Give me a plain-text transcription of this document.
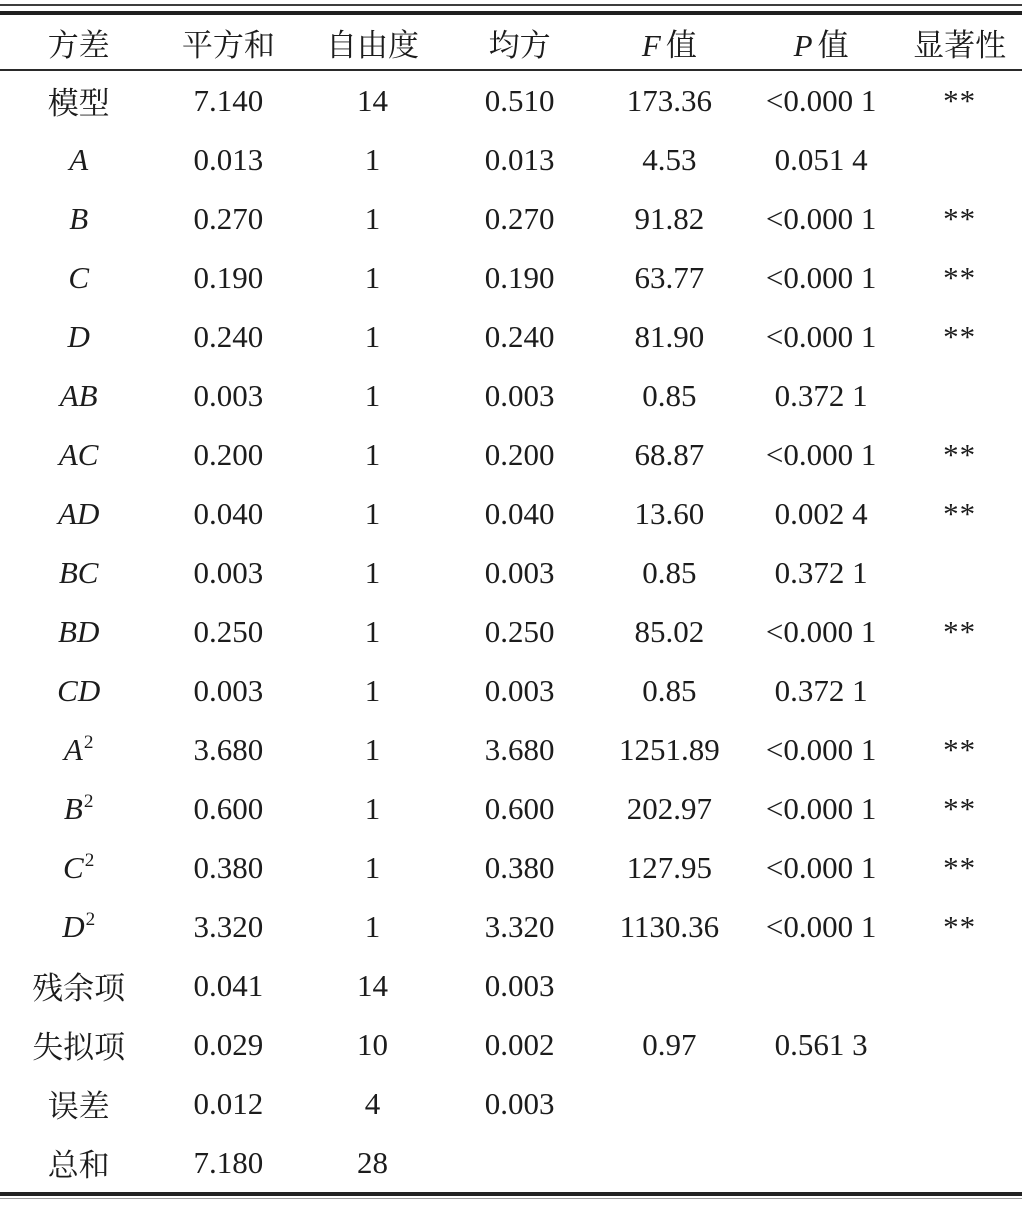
方差	平方和	自由度	均方	F 值	P 值	显著性
模型	7.140	14	0.510	173.36	<0.000 1	**
A	0.013	1	0.013	4.53	0.051 4	
B	0.270	1	0.270	91.82	<0.000 1	**
C	0.190	1	0.190	63.77	<0.000 1	**
D	0.240	1	0.240	81.90	<0.000 1	**
AB	0.003	1	0.003	0.85	0.372 1	
AC	0.200	1	0.200	68.87	<0.000 1	**
AD	0.040	1	0.040	13.60	0.002 4	**
BC	0.003	1	0.003	0.85	0.372 1	
BD	0.250	1	0.250	85.02	<0.000 1	**
CD	0.003	1	0.003	0.85	0.372 1	
$A^2$	3.680	1	3.680	1251.89	<0.000 1	**
$B^2$	0.600	1	0.600	202.97	<0.000 1	**
$C^2$	0.380	1	0.380	127.95	<0.000 1	**
$D^2$	3.320	1	3.320	1130.36	<0.000 1	**
残余项	0.041	14	0.003			
失拟项	0.029	10	0.002	0.97	0.561 3	
误差	0.012	4	0.003			
总和	7.180	28				
